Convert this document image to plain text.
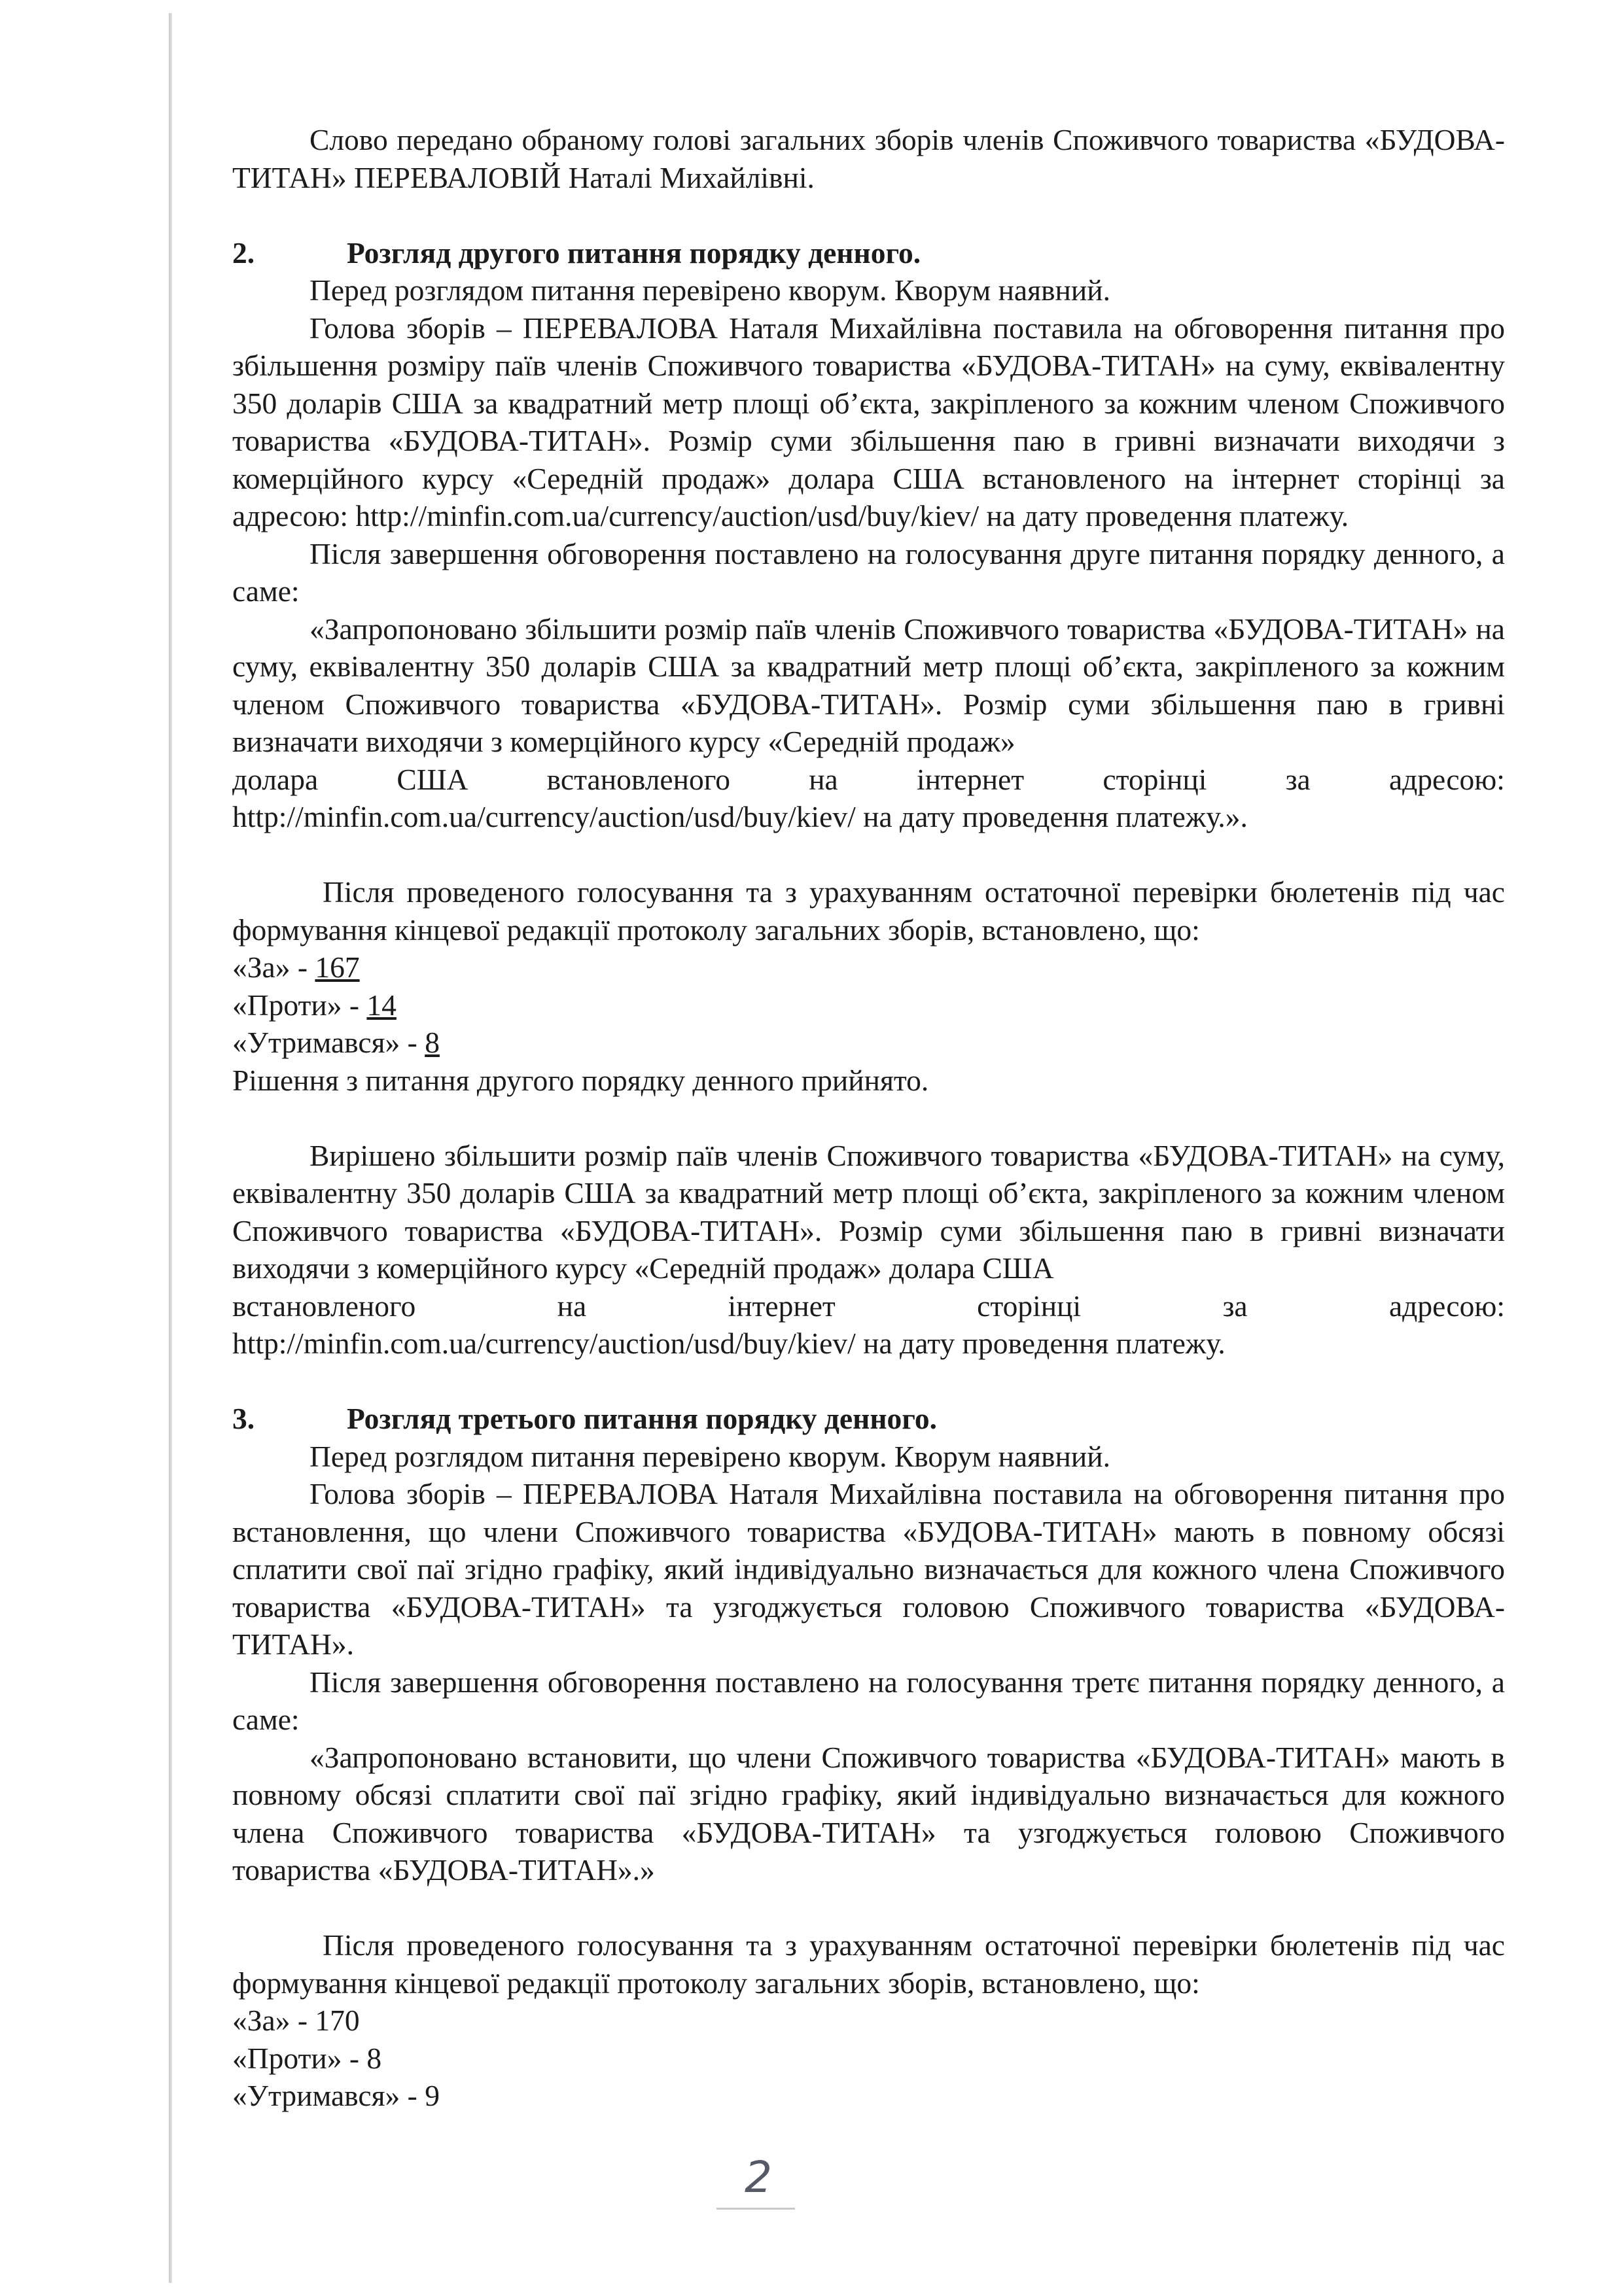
Слово передано обраному голові загальних зборів членів Споживчого товариства «БУДОВА-ТИТАН» ПЕРЕВАЛОВІЙ Наталі Михайлівні.

2.	Розгляд другого питання порядку денного.

Перед розглядом питання перевірено кворум. Кворум наявний.

Голова зборів – ПЕРЕВАЛОВА Наталя Михайлівна поставила на обговорення питання про збільшення розміру паїв членів Споживчого товариства «БУДОВА-ТИТАН» на суму, еквівалентну 350 доларів США за квадратний метр площі об’єкта, закріпленого за кожним членом Споживчого товариства «БУДОВА-ТИТАН». Розмір суми збільшення паю в гривні визначати виходячи з комерційного курсу «Середній продаж» долара США встановленого на інтернет сторінці за адресою: http://minfin.com.ua/currency/auction/usd/buy/kiev/ на дату проведення платежу.

Після завершення обговорення поставлено на голосування друге питання порядку денного, а саме:

«Запропоновано збільшити розмір паїв членів Споживчого товариства «БУДОВА-ТИТАН» на суму, еквівалентну 350 доларів США за квадратний метр площі об’єкта, закріпленого за кожним членом Споживчого товариства «БУДОВА-ТИТАН». Розмір суми збільшення паю в гривні визначати виходячи з комерційного курсу «Середній продаж»

долара	США	встановленого	на	інтернет	сторінці	за	адресою:

http://minfin.com.ua/currency/auction/usd/buy/kiev/ на дату проведення платежу.».

Після проведеного голосування та з урахуванням остаточної перевірки бюлетенів під час формування кінцевої редакції протоколу загальних зборів, встановлено, що:

«За» - 167

«Проти» - 14

«Утримався» - 8

Рішення з питання другого порядку денного прийнято.

Вирішено збільшити розмір паїв членів Споживчого товариства «БУДОВА-ТИТАН» на суму, еквівалентну 350 доларів США за квадратний метр площі об’єкта, закріпленого за кожним членом Споживчого товариства «БУДОВА-ТИТАН». Розмір суми збільшення паю в гривні визначати виходячи з комерційного курсу «Середній продаж» долара США

встановленого	на	інтернет	сторінці	за	адресою:

http://minfin.com.ua/currency/auction/usd/buy/kiev/ на дату проведення платежу.

3.	Розгляд третього питання порядку денного.

Перед розглядом питання перевірено кворум. Кворум наявний.

Голова зборів – ПЕРЕВАЛОВА Наталя Михайлівна поставила на обговорення питання про встановлення, що члени Споживчого товариства «БУДОВА-ТИТАН» мають в повному обсязі сплатити свої паї згідно графіку, який індивідуально визначається для кожного члена Споживчого товариства «БУДОВА-ТИТАН» та узгоджується головою Споживчого товариства «БУДОВА-ТИТАН».

Після завершення обговорення поставлено на голосування третє питання порядку денного, а саме:

«Запропоновано встановити, що члени Споживчого товариства «БУДОВА-ТИТАН» мають в повному обсязі сплатити свої паї згідно графіку, який індивідуально визначається для кожного члена Споживчого товариства «БУДОВА-ТИТАН» та узгоджується головою Споживчого товариства «БУДОВА-ТИТАН».»

Після проведеного голосування та з урахуванням остаточної перевірки бюлетенів під час формування кінцевої редакції протоколу загальних зборів, встановлено, що:

«За» - 170

«Проти» - 8

«Утримався» - 9

2
